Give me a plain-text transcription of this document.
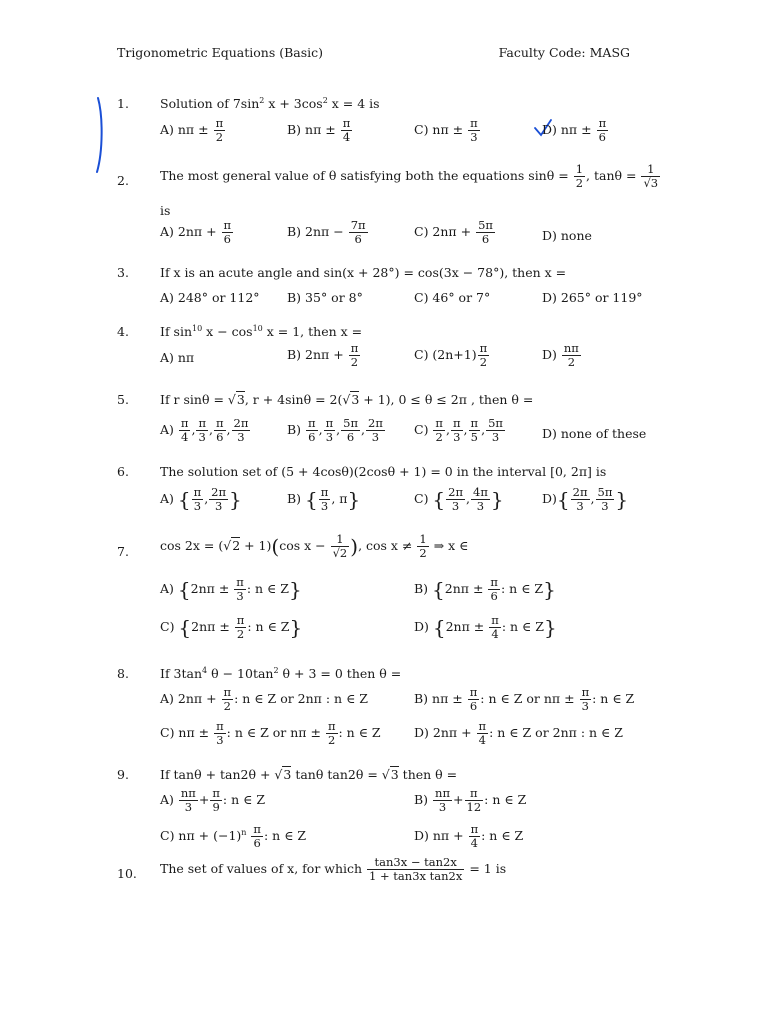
Trigonometric Equations (Basic)	Faculty Code: MASG
1. Solution of $7\sin^2$ $x + 3\cos^2$ x = 4 is
A) $n\pi \pm \frac{\pi}{2}$	B) $n\pi \pm \frac{\pi}{4}$	C) $n\pi \pm \frac{\pi}{3}$	D) $n\pi \pm \frac{\pi}{6}$
2. The most general value of θ satisfying both the equations $\sin\theta = \frac{1}{2}$ , $\tan\theta = \frac{1}{√3}$
is
A) $2n\pi + \frac{\pi}{6}$	B) $2n\pi - \frac{7\pi}{6}$	C) $2n\pi + \frac{5\pi}{6}$	D) none
3. If x is an acute angle and sin(x + 28°) = cos(3x − 78°), then x =
A) 248° or 112° B) 35° or 8°	C) 46° or 7°	D) 265° or 119°
4. If $\sin^{10} x - \cos^{10} x = 1$, then x =
A) nπ	B) $2n\pi + \frac{\pi}{2}$	C) $(2n+1) \frac{\pi}{2}$	$D) \frac{n\pi}{2}$
5. If r sinθ = √3, r + 4sinθ = 2(√3 + 1), 0 ≤ θ ≤ 2π , then θ =
$A) \frac{\pi}{4}$ , $\frac{\pi}{3}$ , $\frac{\pi}{6}$ , $\frac{2\pi}{3}$	$B) \frac{\pi}{6}$ , $\frac{\pi}{3}$ , $\frac{5\pi}{6}$ , $\frac{2\pi}{3} C) \frac{\pi}{2}$ , $\frac{\pi}{3}$ , $\frac{\pi}{5}$ , $\frac{5\pi}{3}$	D) none of these
6. The solution set of (5 + 4cosθ)(2cosθ + 1) = 0 in the interval [0, 2π] is
A) { $\frac{\pi}{3}$ , $\frac{2\pi}{3}$ }	B) { $\frac{\pi}{3}$ , π}	C) { $\frac{2\pi}{3}$ , $\frac{4\pi}{3}$ }	$D)\{ \frac{2\pi}{3}$ , $\frac{5\pi}{3}$ }
7. cos 2x = (√2 + 1)(cos $x - \frac{1}{√2}$ ), $\cos x \ne \frac{1}{2}$ ⇒ x ∈
A) {$2n\pi \pm \frac{\pi}{3}$ : n ∈ Z}	B) {$2n\pi \pm \frac{\pi}{6}$ : n ∈ Z}
C) {$2n\pi \pm \frac{\pi}{2}$ : n ∈ Z}	D) {$2n\pi \pm \frac{\pi}{4}$ : n ∈ Z}
8. If $3\tan^4$ $\theta - 10\tan^2$ θ + 3 = 0 then θ =
A) $2n\pi + \frac{\pi}{2}$ : n ∈ Z or 2nπ : n ∈ Z	B) $n\pi \pm \frac{\pi}{6}$ : n ∈ Z or $n\pi \pm \frac{\pi}{3}$ : n ∈ Z
C) $n\pi \pm \frac{\pi}{3}$ : n ∈ Z or $n\pi \pm \frac{\pi}{2}$ : n ∈ Z	D) $2n\pi + \frac{\pi}{4}$ : n ∈ Z or 2nπ : n ∈ Z
9. If tanθ + tan2θ + √3 tanθ tan2θ = √3 then θ =
$A) \frac{n\pi}{3} + \frac{\pi}{9}$ : n ∈ Z	$B) \frac{n\pi}{3} + \frac{\pi}{12}$ : n ∈ Z
C) $n\pi + (-1)^n \frac{\pi}{6}$ : n ∈ Z	D) $n\pi + \frac{\pi}{4}$ : n ∈ Z
10. The set of values of x, for which $\frac{\tan 3x - \tan 2x}{\text{1 + tan3x tan2x}} = 1$ is
